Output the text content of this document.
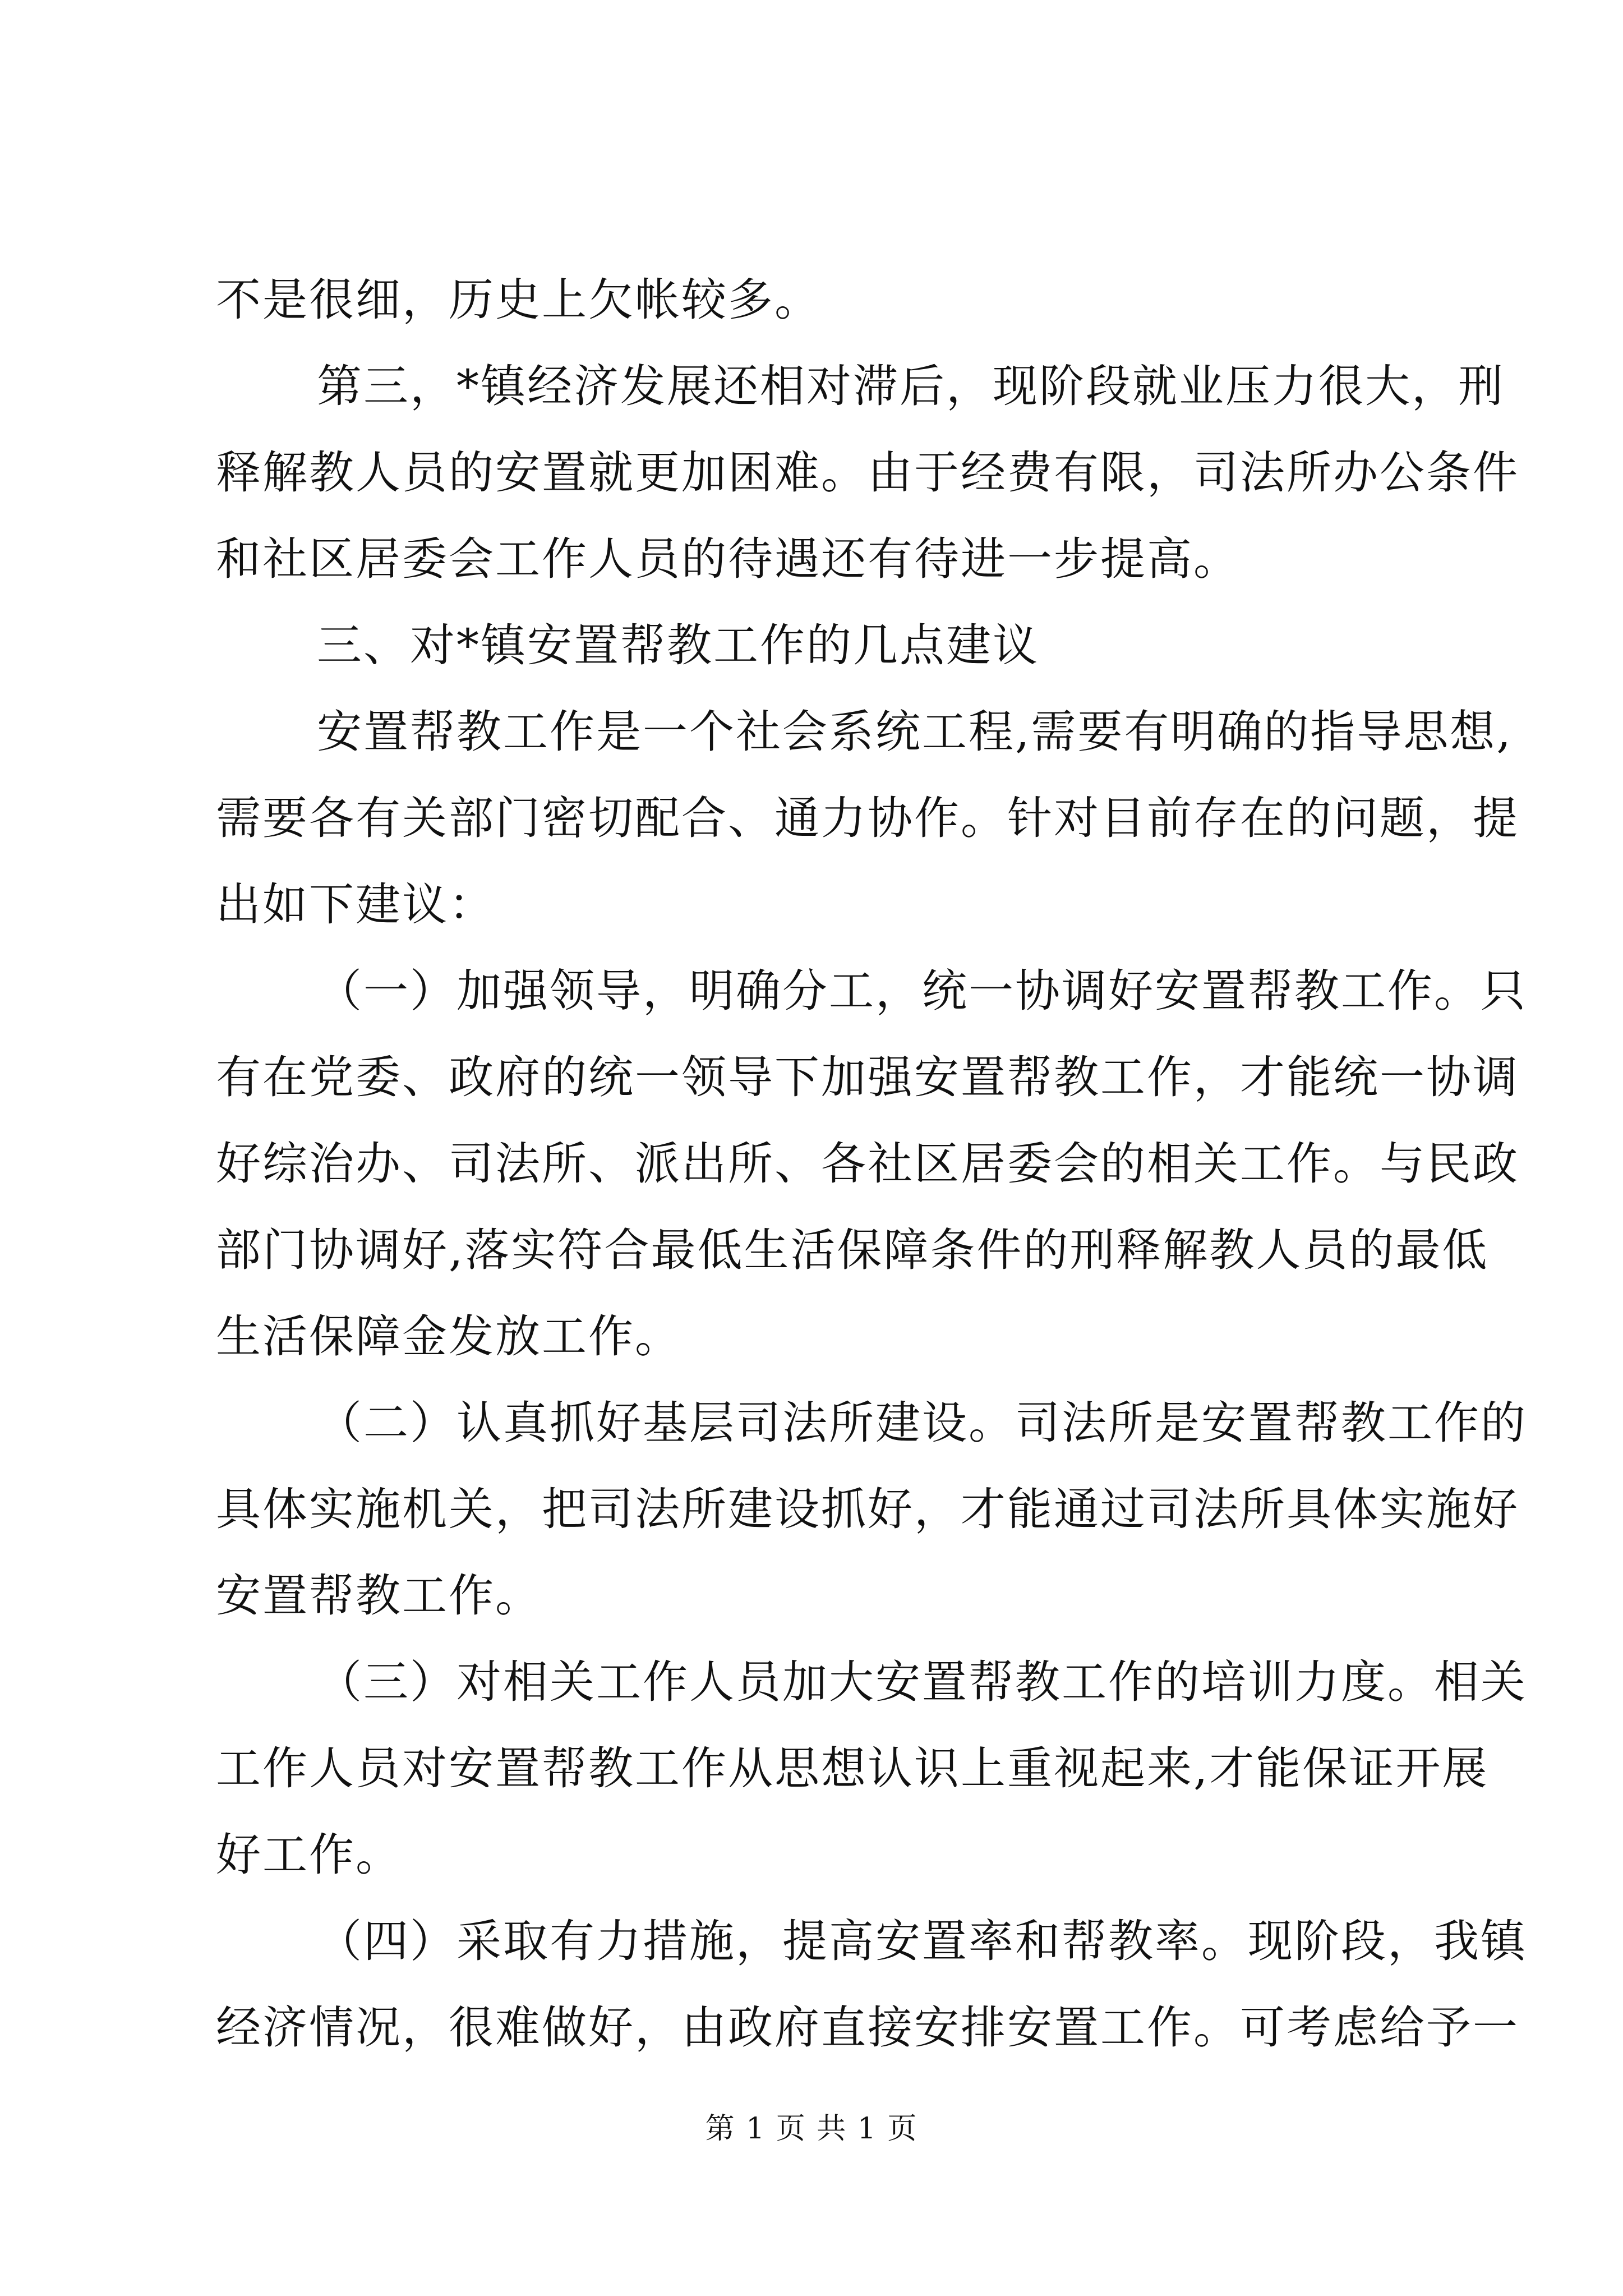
不是很细，历史上欠帐较多。
第三，*镇经济发展还相对滞后，现阶段就业压力很大，刑
释解教人员的安置就更加困难。由于经费有限，司法所办公条件
和社区居委会工作人员的待遇还有待进一步提高。
三、对*镇安置帮教工作的几点建议
安置帮教工作是一个社会系统工程,需要有明确的指导思想,
需要各有关部门密切配合、通力协作。针对目前存在的问题，提
出如下建议：
（一）加强领导，明确分工，统一协调好安置帮教工作。只
有在党委、政府的统一领导下加强安置帮教工作，才能统一协调
好综治办、司法所、派出所、各社区居委会的相关工作。与民政
部门协调好,落实符合最低生活保障条件的刑释解教人员的最低
生活保障金发放工作。
（二）认真抓好基层司法所建设。司法所是安置帮教工作的
具体实施机关，把司法所建设抓好，才能通过司法所具体实施好
安置帮教工作。
（三）对相关工作人员加大安置帮教工作的培训力度。相关
工作人员对安置帮教工作从思想认识上重视起来,才能保证开展
好工作。
（四）采取有力措施，提高安置率和帮教率。现阶段，我镇
经济情况，很难做好，由政府直接安排安置工作。可考虑给予一
第 1 页 共 1 页
